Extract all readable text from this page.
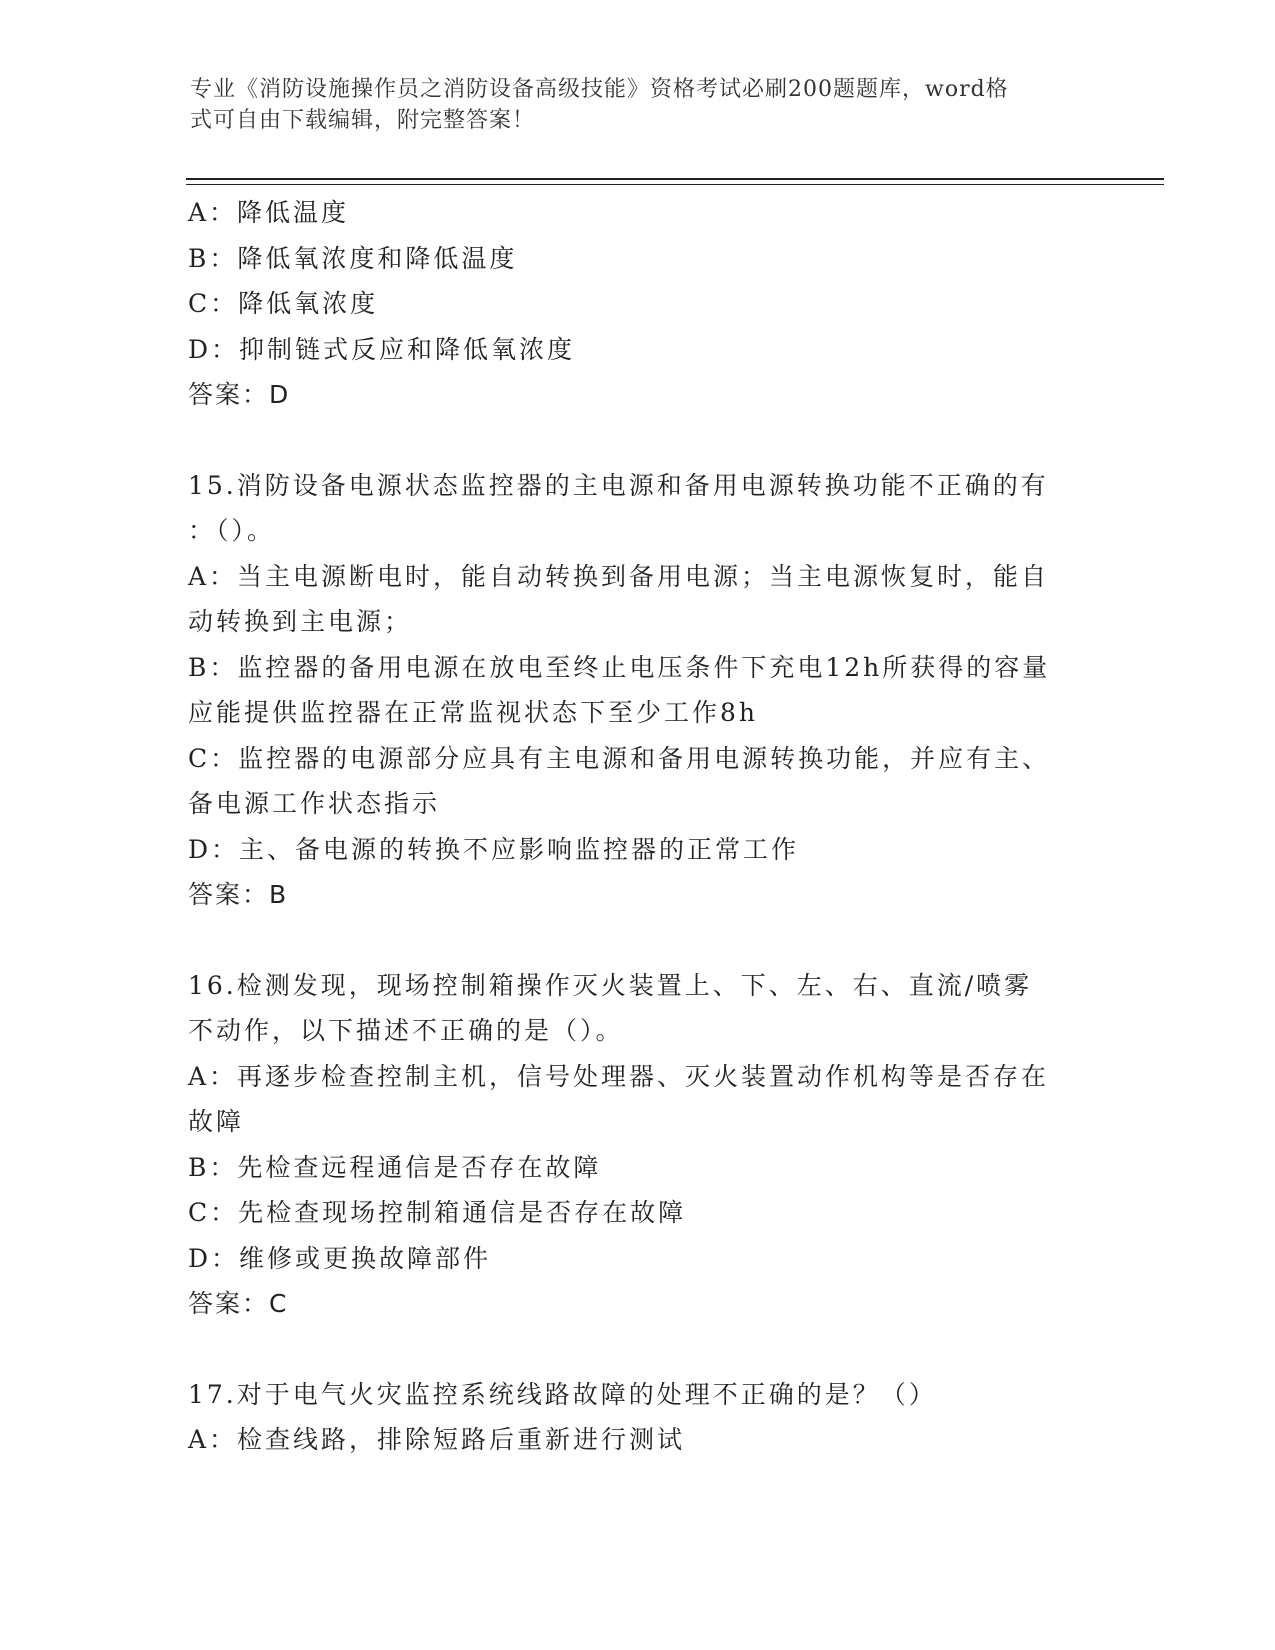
专业《消防设施操作员之消防设备高级技能》资格考试必刷200题题库，word格
式可自由下载编辑，附完整答案！
A：降低温度
B：降低氧浓度和降低温度
C：降低氧浓度
D：抑制链式反应和降低氧浓度
答案：D
15.消防设备电源状态监控器的主电源和备用电源转换功能不正确的有
：（）。
A：当主电源断电时，能自动转换到备用电源；当主电源恢复时，能自
动转换到主电源；
B：监控器的备用电源在放电至终止电压条件下充电12h所获得的容量
应能提供监控器在正常监视状态下至少工作8h
C：监控器的电源部分应具有主电源和备用电源转换功能，并应有主、
备电源工作状态指示
D：主、备电源的转换不应影响监控器的正常工作
答案：B
16.检测发现，现场控制箱操作灭火装置上、下、左、右、直流/喷雾
不动作，以下描述不正确的是（）。
A：再逐步检查控制主机，信号处理器、灭火装置动作机构等是否存在
故障
B：先检查远程通信是否存在故障
C：先检查现场控制箱通信是否存在故障
D：维修或更换故障部件
答案：C
17.对于电气火灾监控系统线路故障的处理不正确的是？（）
A：检查线路，排除短路后重新进行测试
